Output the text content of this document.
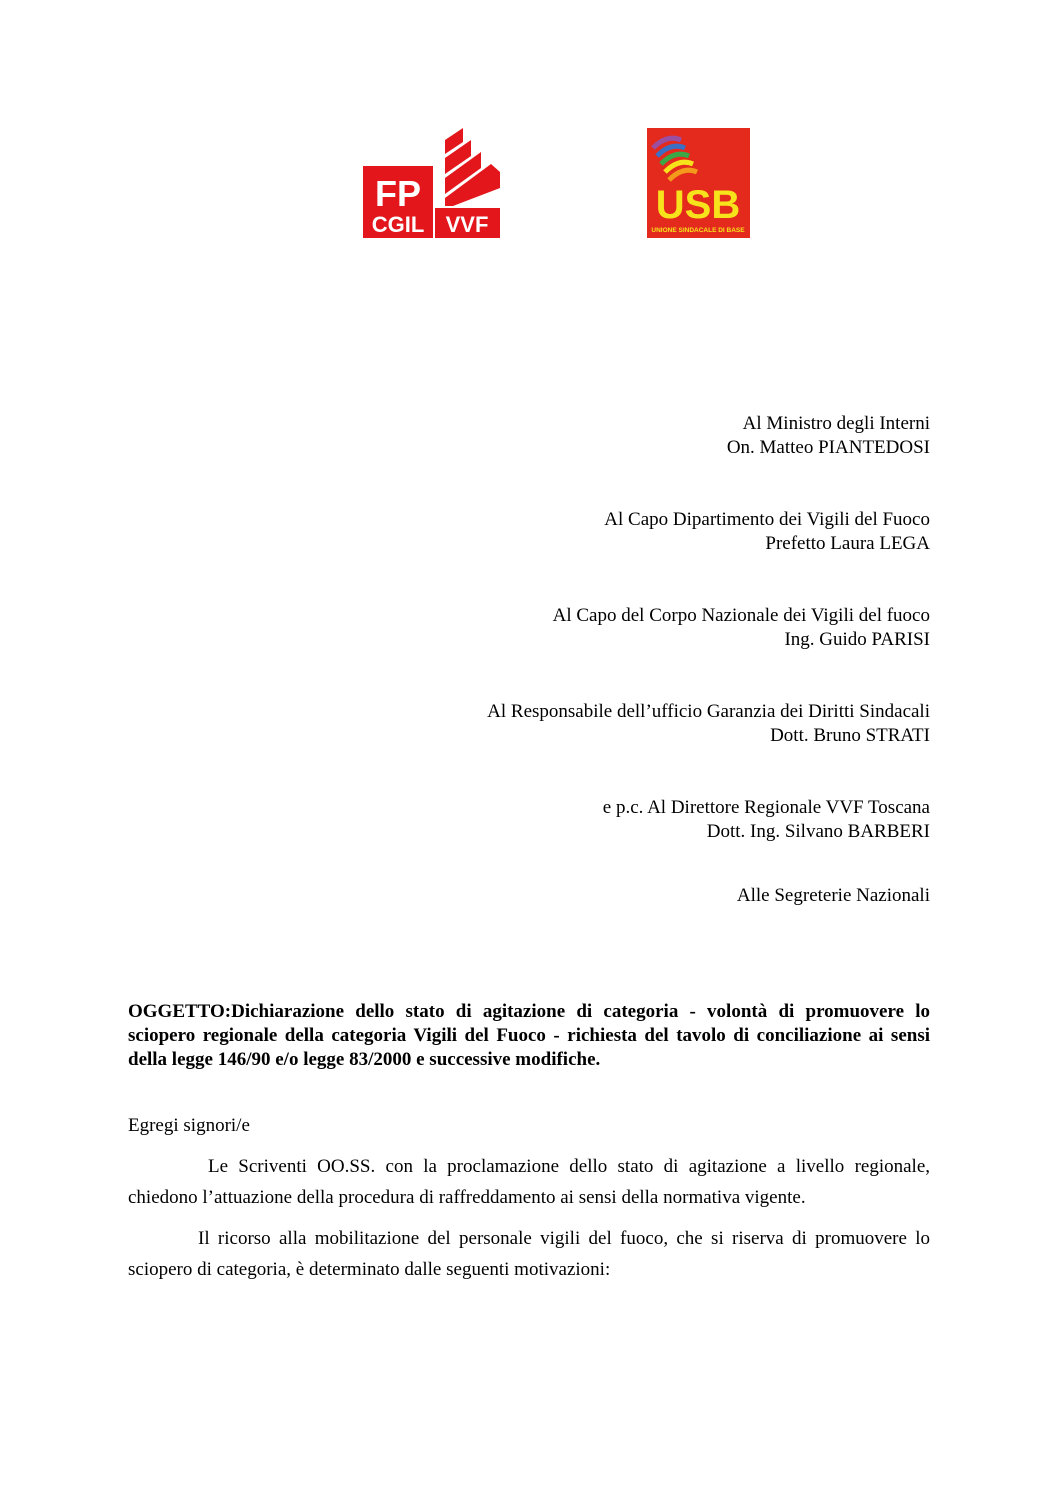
FP
CGIL VVF	USB
UNIONE SINDACALE DI BASE
Al Ministro degli Interni
On. Matteo PIANTEDOSI
Al Capo Dipartimento dei Vigili del Fuoco
Prefetto Laura LEGA
Al Capo del Corpo Nazionale dei Vigili del fuoco
Ing. Guido PARISI
Al Responsabile dell’ufficio Garanzia dei Diritti Sindacali
Dott. Bruno STRATI
e p.c. Al Direttore Regionale VVF Toscana
Dott. Ing. Silvano BARBERI
Alle Segreterie Nazionali
OGGETTO:Dichiarazione dello stato di agitazione di categoria - volontà di promuovere lo sciopero regionale della categoria Vigili del Fuoco - richiesta del tavolo di conciliazione ai sensi della legge 146/90 e/o legge 83/2000 e successive modifiche.

Egregi signori/e

Le Scriventi OO.SS. con la proclamazione dello stato di agitazione a livello regionale, chiedono l’attuazione della procedura di raffreddamento ai sensi della normativa vigente.

Il ricorso alla mobilitazione del personale vigili del fuoco, che si riserva di promuovere lo sciopero di categoria, è determinato dalle seguenti motivazioni:
